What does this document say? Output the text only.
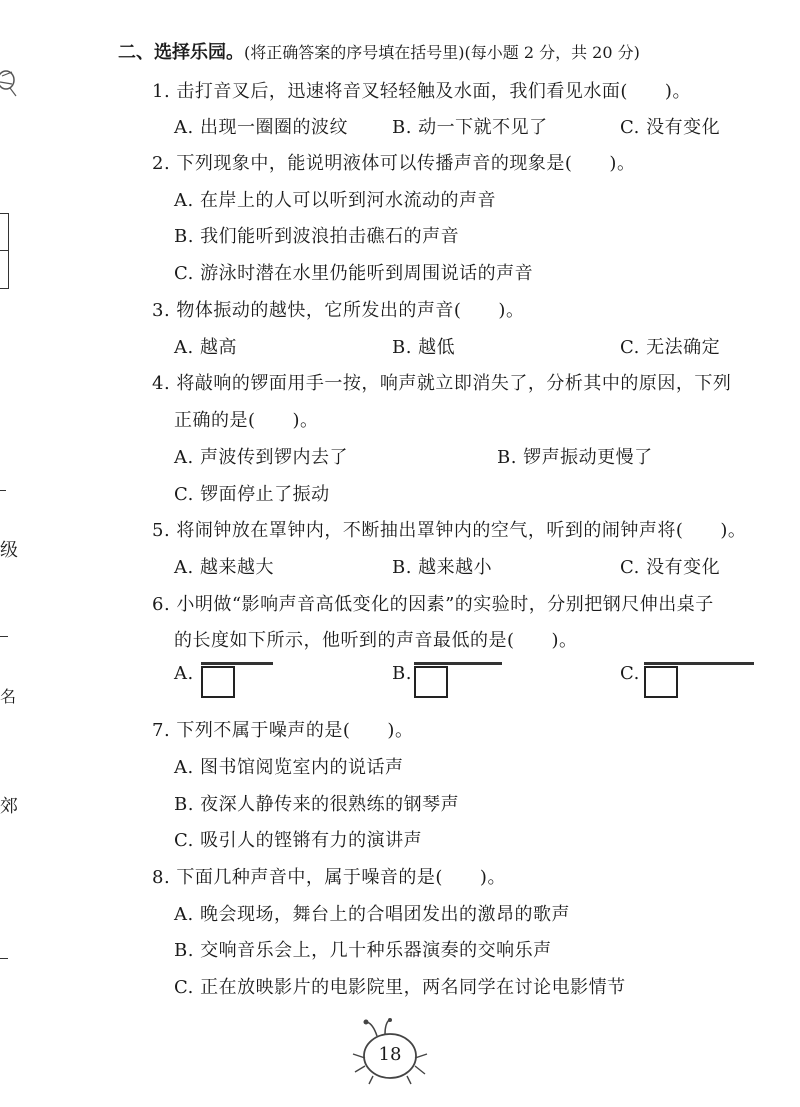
级
名
郊
二、选择乐园。(将正确答案的序号填在括号里)(每小题 2 分，共 20 分)
1. 击打音叉后，迅速将音叉轻轻触及水面，我们看见水面(　　)。
A. 出现一圈圈的波纹 B. 动一下就不见了	C. 没有变化
2. 下列现象中，能说明液体可以传播声音的现象是(　　)。
A. 在岸上的人可以听到河水流动的声音
B. 我们能听到波浪拍击礁石的声音
C. 游泳时潜在水里仍能听到周围说话的声音
3. 物体振动的越快，它所发出的声音(　　)。
A. 越高	B. 越低	C. 无法确定
4. 将敲响的锣面用手一按，响声就立即消失了，分析其中的原因，下列
正确的是(　　)。
A. 声波传到锣内去了	B. 锣声振动更慢了
C. 锣面停止了振动
5. 将闹钟放在罩钟内，不断抽出罩钟内的空气，听到的闹钟声将(　　)。
A. 越来越大	B. 越来越小	C. 没有变化
6. 小明做“影响声音高低变化的因素”的实验时，分别把钢尺伸出桌子
的长度如下所示，他听到的声音最低的是(　　)。
A.	B.	C.
7. 下列不属于噪声的是(　　)。
A. 图书馆阅览室内的说话声
B. 夜深人静传来的很熟练的钢琴声
C. 吸引人的铿锵有力的演讲声
8. 下面几种声音中，属于噪音的是(　　)。
A. 晚会现场，舞台上的合唱团发出的激昂的歌声
B. 交响音乐会上，几十种乐器演奏的交响乐声
C. 正在放映影片的电影院里，两名同学在讨论电影情节
18
